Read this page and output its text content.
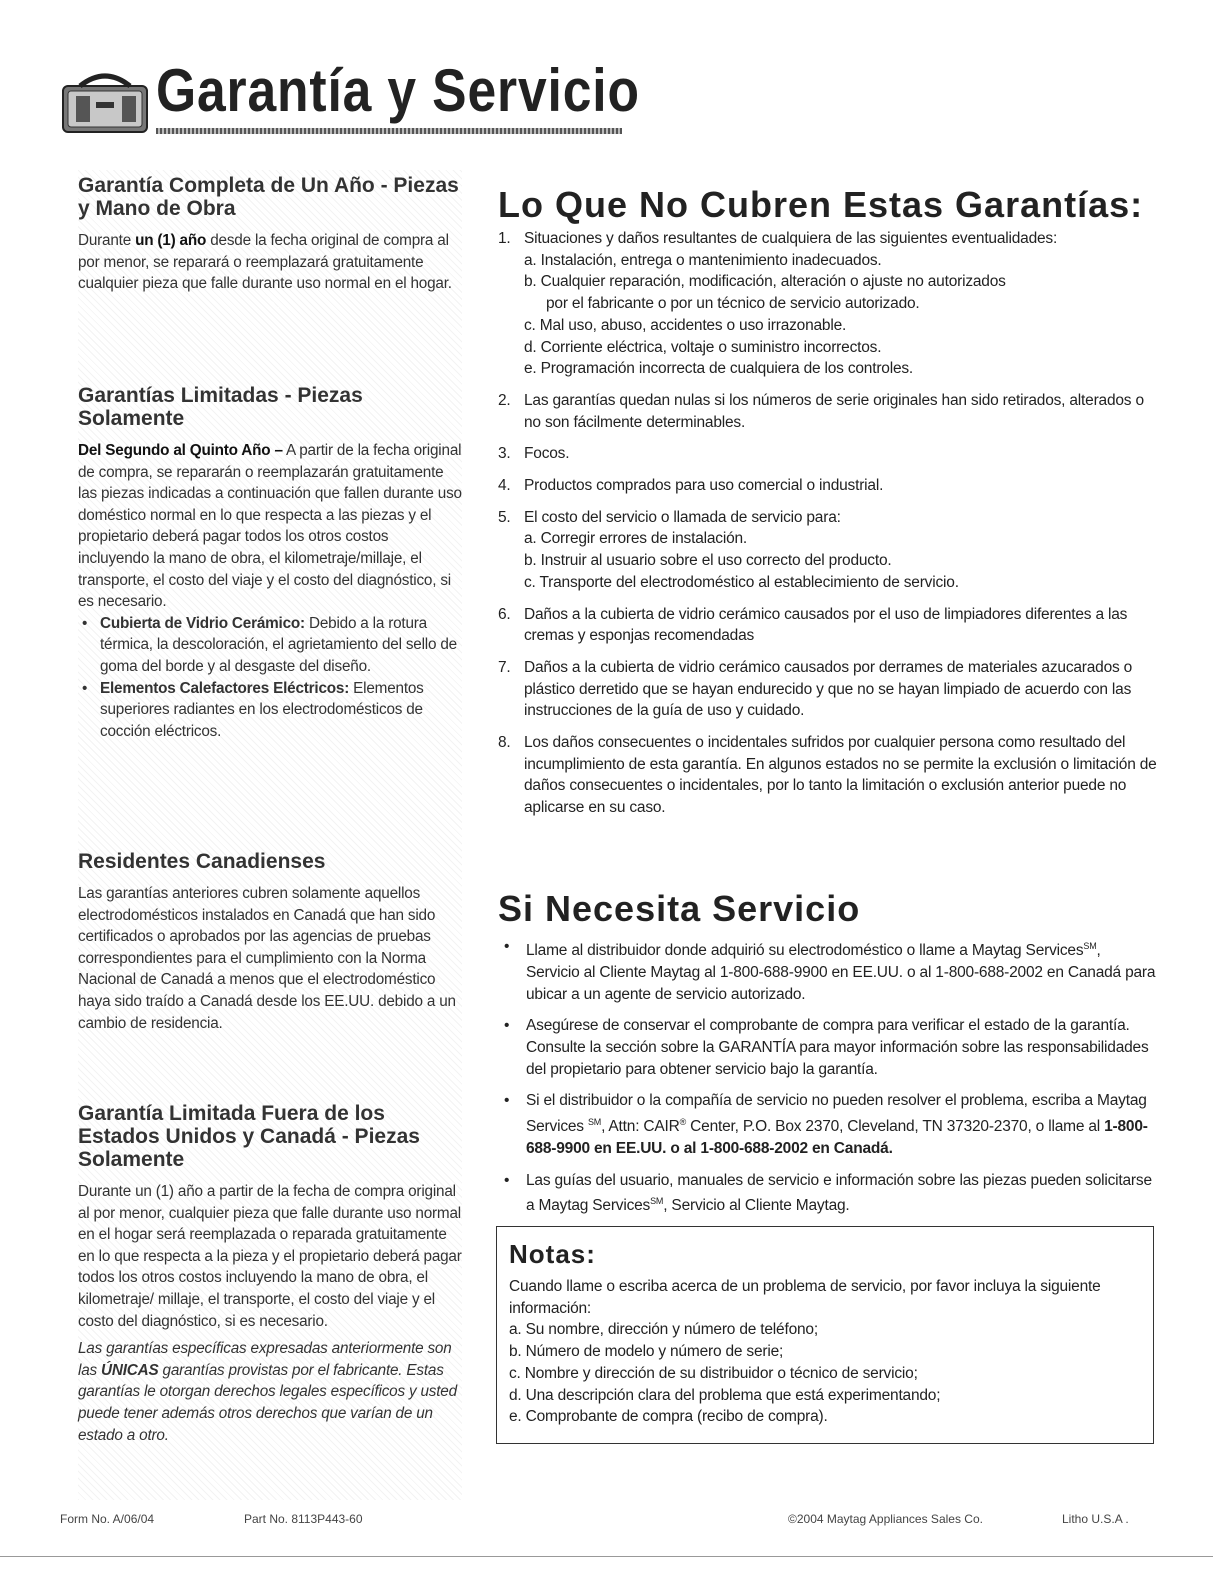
Garantía y Servicio
Garantía Completa de Un Año - Piezas y Mano de Obra

Durante un (1) año desde la fecha original de compra al por menor, se reparará o reemplazará gratuitamente cualquier pieza que falle durante uso normal en el hogar.

Garantías Limitadas - Piezas Solamente

Del Segundo al Quinto Año – A partir de la fecha original de compra, se repararán o reemplazarán gratuitamente las piezas indicadas a continuación que fallen durante uso doméstico normal en lo que respecta a las piezas y el propietario deberá pagar todos los otros costos incluyendo la mano de obra, el kilometraje/millaje, el transporte, el costo del viaje y el costo del diagnóstico, si es necesario.

• Cubierta de Vidrio Cerámico: Debido a la rotura térmica, la descoloración, el agrietamiento del sello de goma del borde y al desgaste del diseño.

• Elementos Calefactores Eléctricos: Elementos superiores radiantes en los electrodomésticos de cocción eléctricos.

Residentes Canadienses

Las garantías anteriores cubren solamente aquellos electrodomésticos instalados en Canadá que han sido certificados o aprobados por las agencias de pruebas correspondientes para el cumplimiento con la Norma Nacional de Canadá a menos que el electrodoméstico haya sido traído a Canadá desde los EE.UU. debido a un cambio de residencia.

Garantía Limitada Fuera de los Estados Unidos y Canadá - Piezas Solamente

Durante un (1) año a partir de la fecha de compra original al por menor, cualquier pieza que falle durante uso normal en el hogar será reemplazada o reparada gratuitamente en lo que respecta a la pieza y el propietario deberá pagar todos los otros costos incluyendo la mano de obra, el kilometraje/ millaje, el transporte, el costo del viaje y el costo del diagnóstico, si es necesario.

Las garantías específicas expresadas anteriormente son las ÚNICAS garantías provistas por el fabricante. Estas garantías le otorgan derechos legales específicos y usted puede tener además otros derechos que varían de un estado a otro.

Lo Que No Cubren Estas Garantías:
1. Situaciones y daños resultantes de cualquiera de las siguientes eventualidades:
a. Instalación, entrega o mantenimiento inadecuados.
b. Cualquier reparación, modificación, alteración o ajuste no autorizados
por el fabricante o por un técnico de servicio autorizado.
c. Mal uso, abuso, accidentes o uso irrazonable.
d. Corriente eléctrica, voltaje o suministro incorrectos.
e. Programación incorrecta de cualquiera de los controles.
2. Las garantías quedan nulas si los números de serie originales han sido retirados, alterados o no son fácilmente determinables.
3. Focos.
4. Productos comprados para uso comercial o industrial.
5. El costo del servicio o llamada de servicio para:
a. Corregir errores de instalación.
b. Instruir al usuario sobre el uso correcto del producto.
c. Transporte del electrodoméstico al establecimiento de servicio.
6. Daños a la cubierta de vidrio cerámico causados por el uso de limpiadores diferentes a las cremas y esponjas recomendadas
7. Daños a la cubierta de vidrio cerámico causados por derrames de materiales azucarados o plástico derretido que se hayan endurecido y que no se hayan limpiado de acuerdo con las instrucciones de la guía de uso y cuidado.
8. Los daños consecuentes o incidentales sufridos por cualquier persona como resultado del incumplimiento de esta garantía. En algunos estados no se permite la exclusión o limitación de daños consecuentes o incidentales, por lo tanto la limitación o exclusión anterior puede no aplicarse en su caso.
Si Necesita Servicio
• Llame al distribuidor donde adquirió su electrodoméstico o llame a Maytag Services℠, Servicio al Cliente Maytag al 1-800-688-9900 en EE.UU. o al 1-800-688-2002 en Canadá para ubicar a un agente de servicio autorizado.
• Asegúrese de conservar el comprobante de compra para verificar el estado de la garantía. Consulte la sección sobre la GARANTÍA para mayor información sobre las responsabilidades del propietario para obtener servicio bajo la garantía.
• Si el distribuidor o la compañía de servicio no pueden resolver el problema, escriba a Maytag Services ℠, Attn: CAIR® Center, P.O. Box 2370, Cleveland, TN 37320-2370, o llame al 1-800-688-9900 en EE.UU. o al 1-800-688-2002 en Canadá.
• Las guías del usuario, manuales de servicio e información sobre las piezas pueden solicitarse a Maytag Services℠, Servicio al Cliente Maytag.
Notas:

Cuando llame o escriba acerca de un problema de servicio, por favor incluya la siguiente información:

a. Su nombre, dirección y número de teléfono;

b. Número de modelo y número de serie;

c. Nombre y dirección de su distribuidor o técnico de servicio;

d. Una descripción clara del problema que está experimentando;

e. Comprobante de compra (recibo de compra).

Form No. A/06/04	Part No. 8113P443-60	©2004 Maytag Appliances Sales Co.	Litho U.S.A .
